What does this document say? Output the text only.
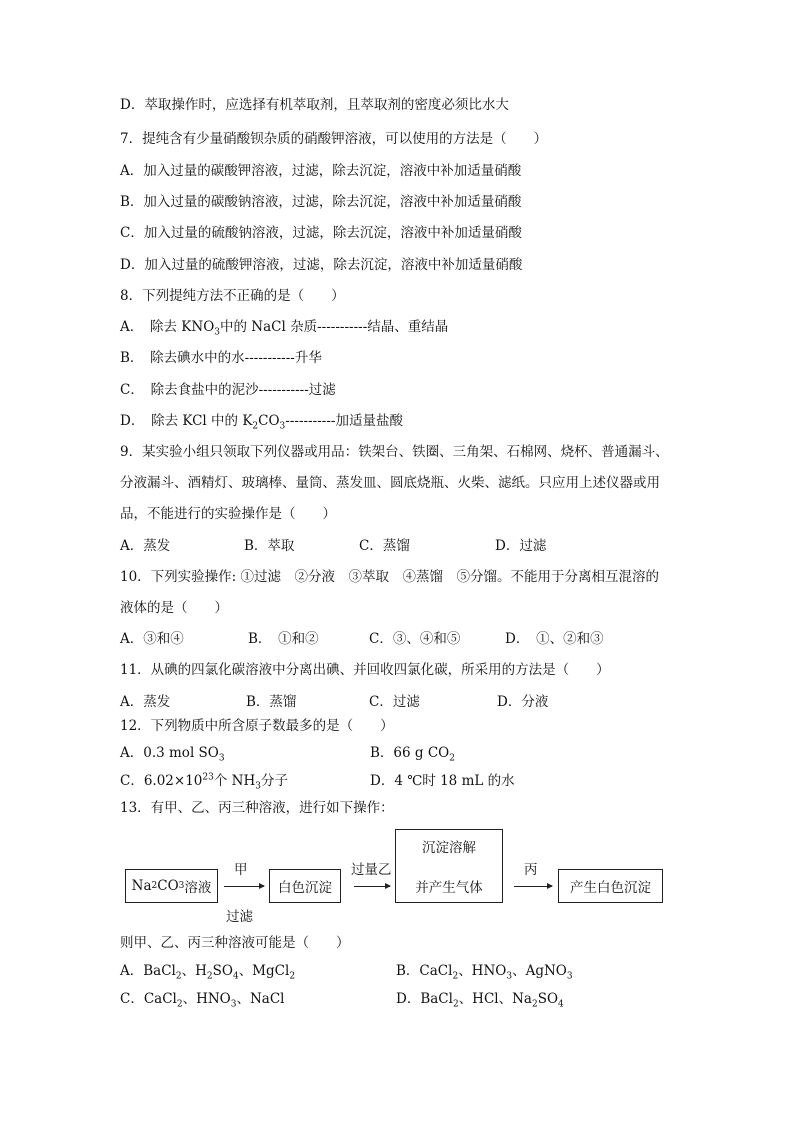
D．萃取操作时，应选择有机萃取剂，且萃取剂的密度必须比水大
7．提纯含有少量硝酸钡杂质的硝酸钾溶液，可以使用的方法是（　　）
A．加入过量的碳酸钾溶液，过滤，除去沉淀，溶液中补加适量硝酸
B．加入过量的碳酸钠溶液，过滤，除去沉淀，溶液中补加适量硝酸
C．加入过量的硫酸钠溶液，过滤，除去沉淀，溶液中补加适量硝酸
D．加入过量的硫酸钾溶液，过滤，除去沉淀，溶液中补加适量硝酸
8．下列提纯方法不正确的是（　　）
A．　除去 $KNO_3$中的 NaCl 杂质-----------结晶、重结晶
B．　除去碘水中的水-----------升华
C．　除去食盐中的泥沙-----------过滤
D．　除去 KCl 中的 $K_2CO_3-----------$加适量盐酸
9．某实验小组只领取下列仪器或用品：铁架台、铁圈、三角架、石棉网、烧杯、普通漏斗、
分液漏斗、酒精灯、玻璃棒、量筒、蒸发皿、圆底烧瓶、火柴、滤纸。只应用上述仪器或用
品，不能进行的实验操作是（　　）
A．蒸发	B．萃取	C．蒸馏	D．过滤
10．下列实验操作: ①过滤　②分液　③萃取　④蒸馏　⑤分馏。不能用于分离相互混溶的
液体的是（　　）
A．③和④	B．　①和②	C．③、④和⑤	D．　①、②和③
11．从碘的四氯化碳溶液中分离出碘、并回收四氯化碳，所采用的方法是（　　）
A．蒸发	B．蒸馏	C．过滤	D．分液
12．下列物质中所含原子数最多的是（　　）
A．0.3 mol $SO_3$	B．66 g $CO_2$
C．$6.02\times 10^{23}$个 $NH_3$分子	D．4 ℃时 18 mL 的水
13．有甲、乙、丙三种溶液，进行如下操作：
Na 2 CO 3 溶液
甲
过滤
白色沉淀
过量乙
沉淀溶解
并产生气体
丙
产生白色沉淀
则甲、乙、丙三种溶液可能是（　　）
A．BaCl$_2$、$H_2SO_4$、MgCl$_2$	B．CaCl$_2$、$HNO_3$、AgNO$_3$
C．CaCl$_2$、$HNO_3$、NaCl	D．BaCl$_2$、HCl、$Na_2SO_4$
